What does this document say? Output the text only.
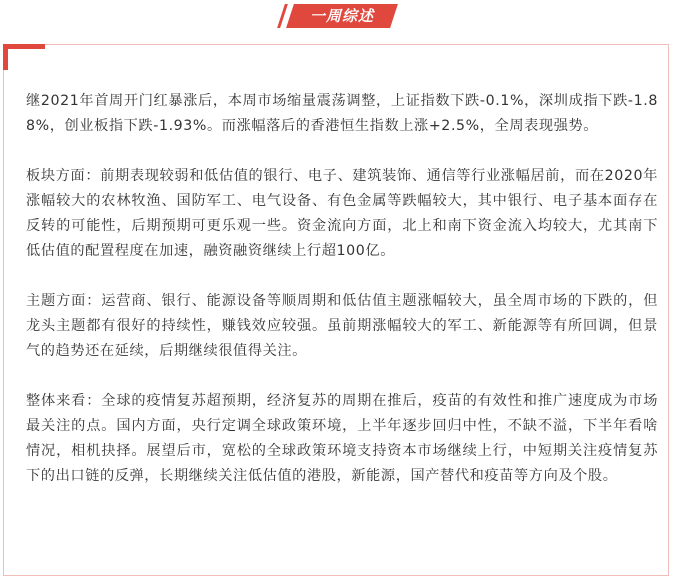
一周综述

继2021年首周开门红暴涨后，本周市场缩量震荡调整，上证指数下跌-0.1%，深圳成指下跌-1.88%，创业板指下跌-1.93%。而涨幅落后的香港恒生指数上涨+2.5%，全周表现强势。

板块方面：前期表现较弱和低估值的银行、电子、建筑装饰、通信等行业涨幅居前，而在2020年涨幅较大的农林牧渔、国防军工、电气设备、有色金属等跌幅较大，其中银行、电子基本面存在反转的可能性，后期预期可更乐观一些。资金流向方面，北上和南下资金流入均较大，尤其南下低估值的配置程度在加速，融资融资继续上行超100亿。

主题方面：运营商、银行、能源设备等顺周期和低估值主题涨幅较大，虽全周市场的下跌的，但龙头主题都有很好的持续性，赚钱效应较强。虽前期涨幅较大的军工、新能源等有所回调，但景气的趋势还在延续，后期继续很值得关注。

整体来看：全球的疫情复苏超预期，经济复苏的周期在推后，疫苗的有效性和推广速度成为市场最关注的点。国内方面，央行定调全球政策环境，上半年逐步回归中性，不缺不溢，下半年看啥情况，相机抉择。展望后市，宽松的全球政策环境支持资本市场继续上行，中短期关注疫情复苏下的出口链的反弹，长期继续关注低估值的港股，新能源，国产替代和疫苗等方向及个股。
